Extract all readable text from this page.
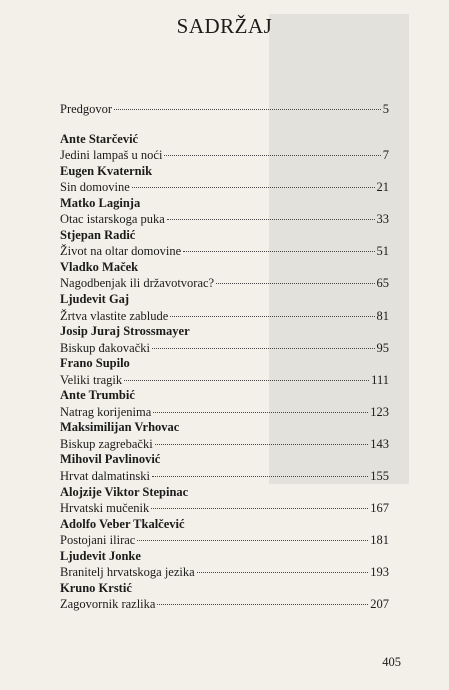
SADRŽAJ
Predgovor	5
Ante Starčević
Jedini lampaš u noći	7
Eugen Kvaternik
Sin domovine	21
Matko Laginja
Otac istarskoga puka	33
Stjepan Radić
Život na oltar domovine	51
Vladko Maček
Nagodbenjak ili državotvorac?	65
Ljudevit Gaj
Žrtva vlastite zablude	81
Josip Juraj Strossmayer
Biskup đakovački	95
Frano Supilo
Veliki tragik	111
Ante Trumbić
Natrag korijenima	123
Maksimilijan Vrhovac
Biskup zagrebački	143
Mihovil Pavlinović
Hrvat dalmatinski	155
Alojzije Viktor Stepinac
Hrvatski mučenik	167
Adolfo Veber Tkalčević
Postojani ilirac	181
Ljudevit Jonke
Branitelj hrvatskoga jezika	193
Kruno Krstić
Zagovornik razlika	207
405
